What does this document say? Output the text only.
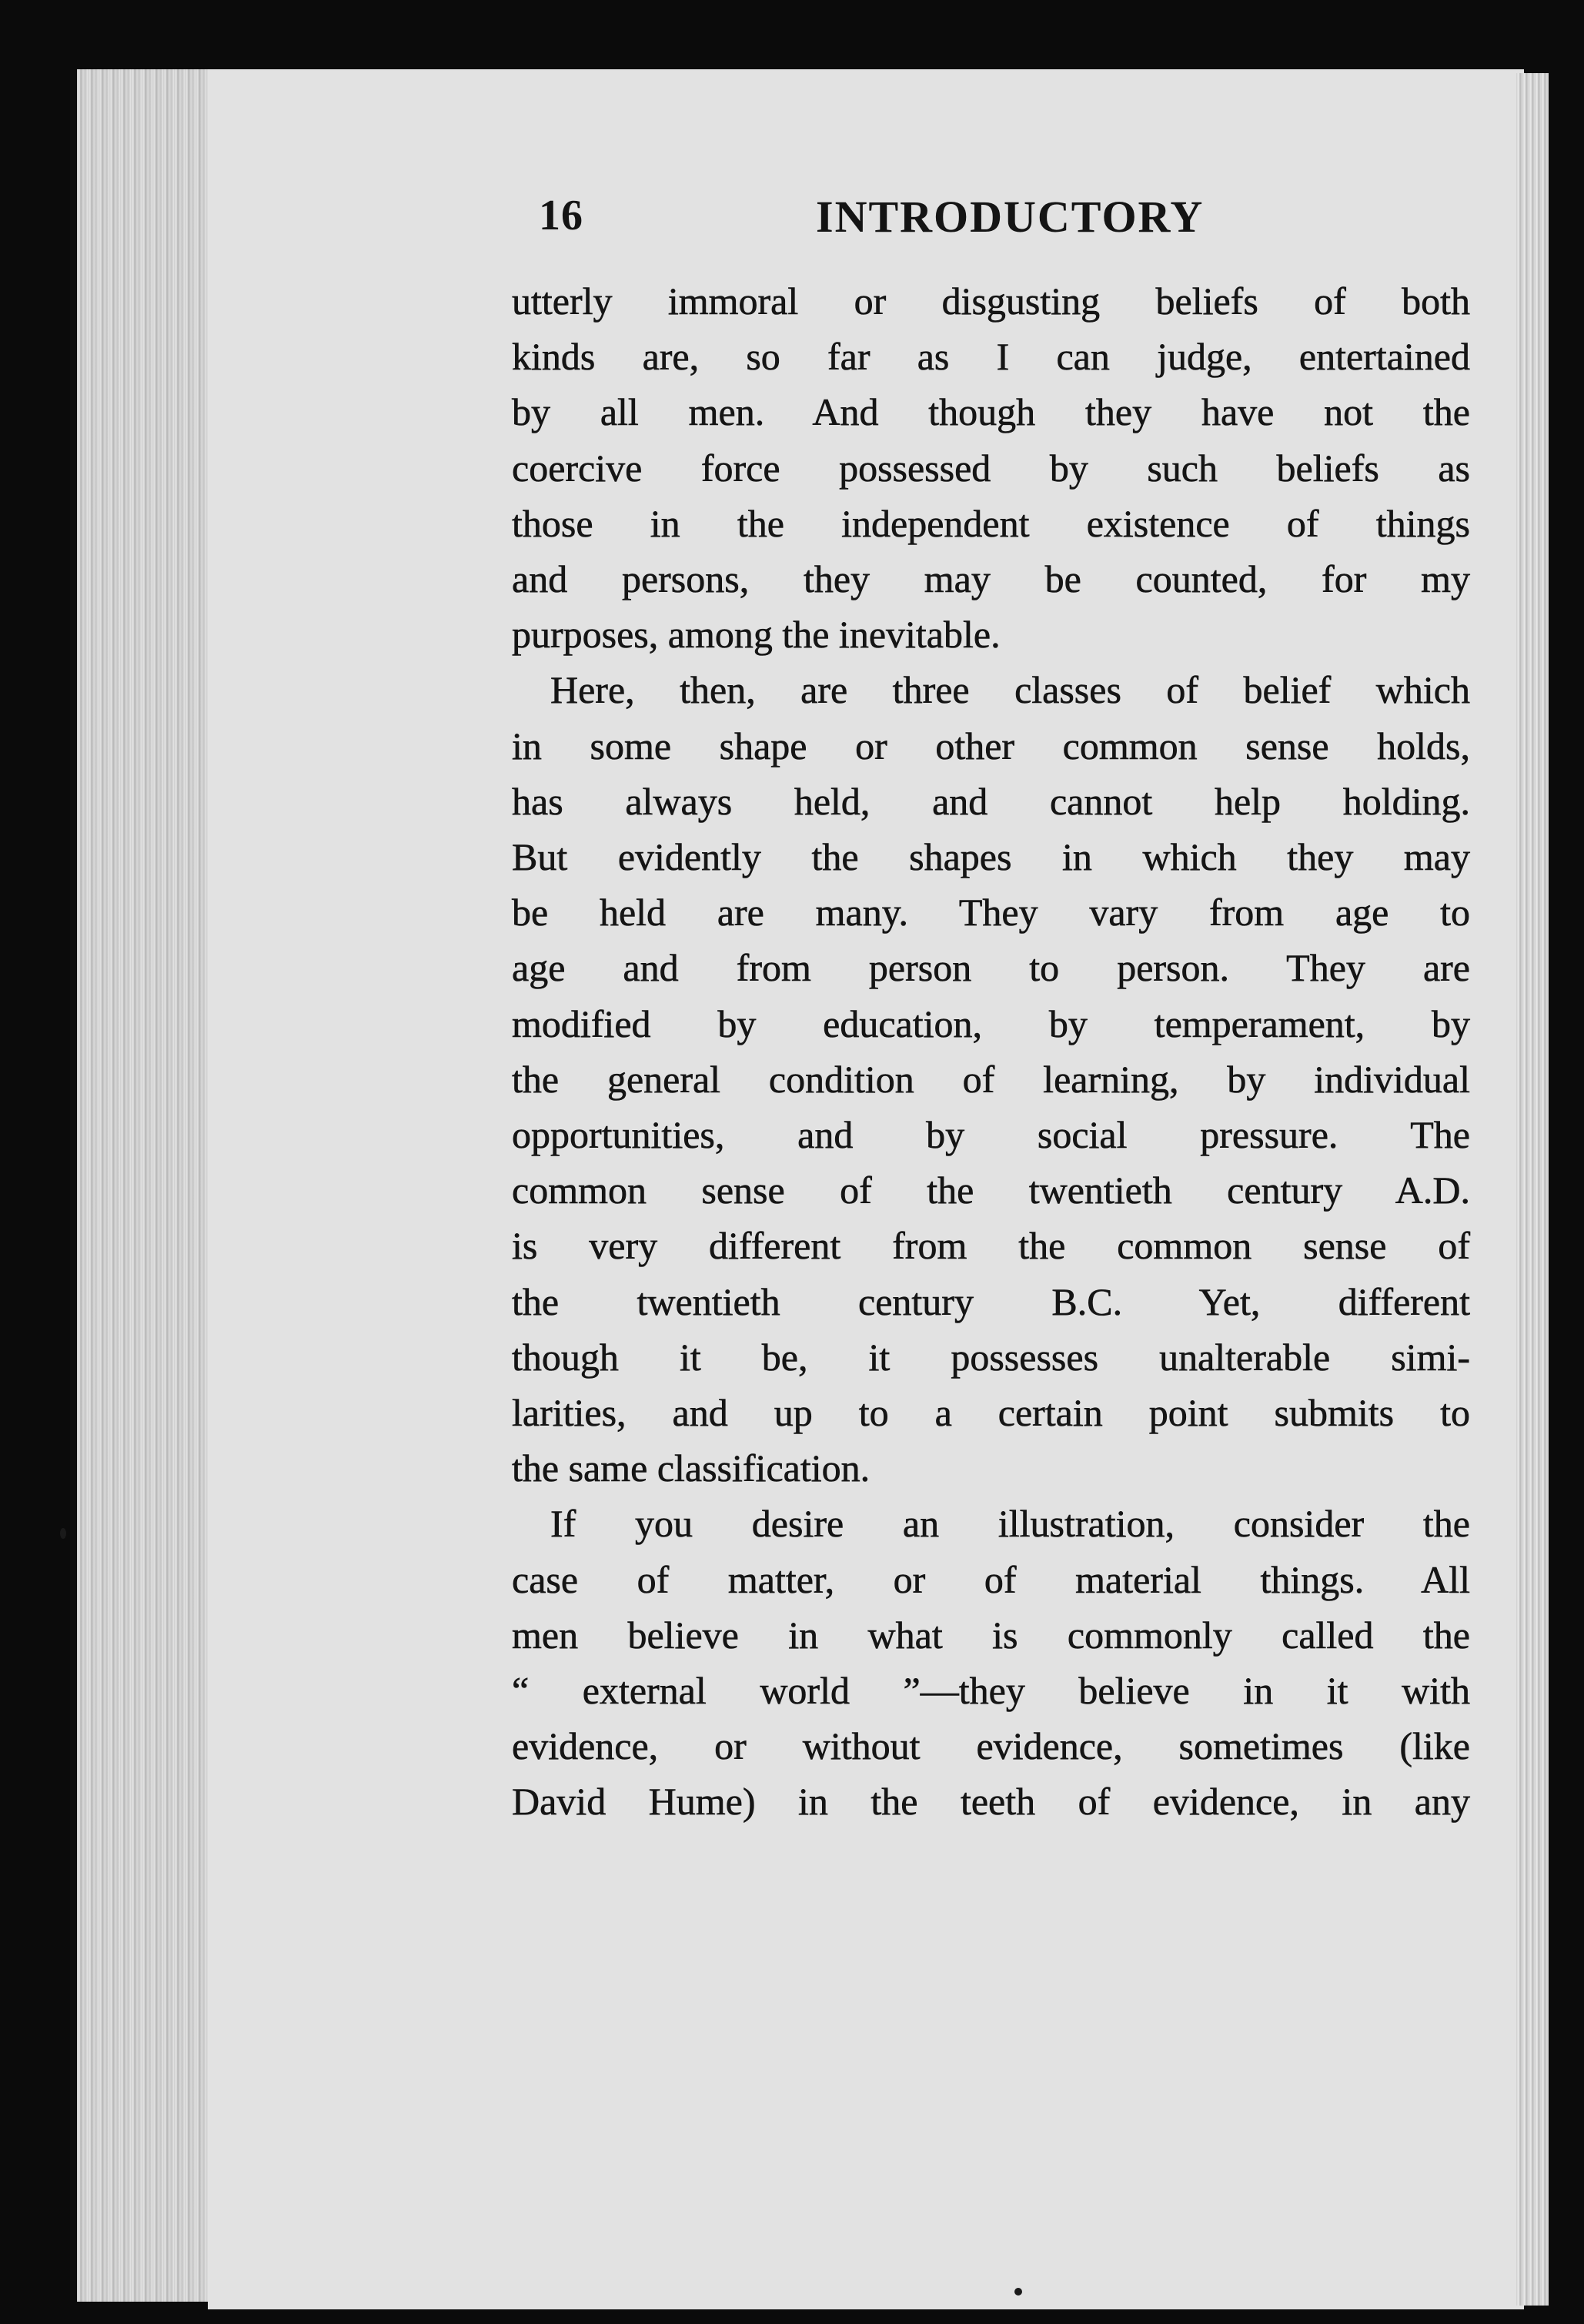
16	INTRODUCTORY
utterly immoral or disgusting beliefs of both
kinds are, so far as I can judge, entertained
by all men. And though they have not the
coercive force possessed by such beliefs as
those in the independent existence of things
and persons, they may be counted, for my
purposes, among the inevitable.
Here, then, are three classes of belief which
in some shape or other common sense holds,
has always held, and cannot help holding.
But evidently the shapes in which they may
be held are many. They vary from age to
age and from person to person. They are
modified by education, by temperament, by
the general condition of learning, by individual
opportunities, and by social pressure. The
common sense of the twentieth century A.D.
is very different from the common sense of
the twentieth century B.C. Yet, different
though it be, it possesses unalterable simi-
larities, and up to a certain point submits to
the same classification.
If you desire an illustration, consider the
case of matter, or of material things. All
men believe in what is commonly called the
“ external world ”—they believe in it with
evidence, or without evidence, sometimes (like
David Hume) in the teeth of evidence, in any
